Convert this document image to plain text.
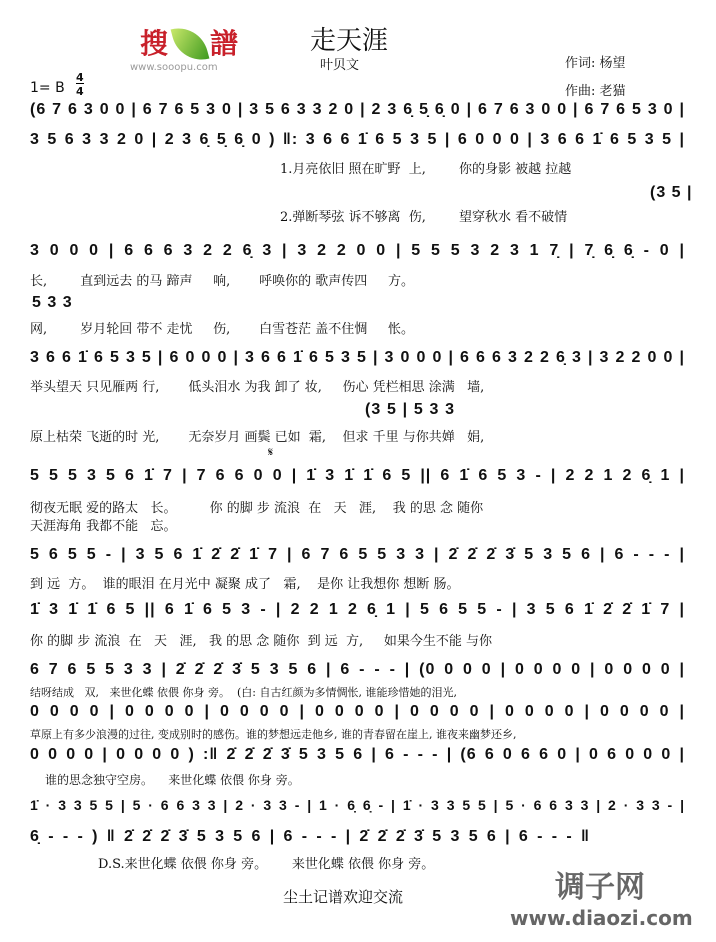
搜 譜
www.sooopu.com
走天涯
叶贝文	作词: 杨望
作曲: 老猫
1= B
4
4
(6 7 6 3 0 0 | 6 7 6 5 3 0 | 3 5 6 3 3 2 0 | 2 3 6̣ 5̣ 6̣ 0 | 6 7 6 3 0 0 | 6 7 6 5 3 0 |
3 5 6 3 3 2 0 | 2 3 6̣ 5̣ 6̣ 0 ) ‖: 3 6 6 1̇ 6 5 3 5 | 6 0 0 0 | 3 6 6 1̇ 6 5 3 5 |
1.月亮依旧 照在旷野  上,        你的身影 被越 拉越
(3 5 |
2.弹断琴弦 诉不够离  伤,        望穿秋水 看不破情
3 0 0 0 | 6 6 6 3 2 2 6̣ 3 | 3 2 2 0 0 | 5 5 5 3 2 3 1 7̣ | 7̣ 6̣ 6̣ - 0 |
长,        直到远去 的马 蹄声     响,       呼唤你的 歌声传四     方。
5 3 3
网,        岁月轮回 带不 走忧     伤,       白雪苍茫 盖不住惆     怅。
3 6 6 1̇ 6 5 3 5 | 6 0 0 0 | 3 6 6 1̇ 6 5 3 5 | 3 0 0 0 | 6 6 6 3 2 2 6̣ 3 | 3 2 2 0 0 |
举头望天 只见雁两 行,       低头泪水 为我 卸了 妆,     伤心 凭栏相思 涂满   墙,
(3 5 | 5 3 3
原上枯荣 飞逝的时 光,       无奈岁月 画鬓 已如  霜,    但求 千里 与你共婵   娟,
𝄋
5 5 5 3 5 6 1̇ 7 | 7 6 6 0 0 | 1̇ 3 1̇ 1̇ 6 5 || 6 1̇ 6 5 3 - | 2 2 1 2 6̣ 1 |
彻夜无眠 爱的路太   长。        你 的脚 步 流浪  在   天   涯,    我 的思 念 随你
天涯海角 我都不能   忘。
5 6 5 5 - | 3 5 6 1̇ 2̇ 2̇ 1̇ 7 | 6 7 6 5 5 3 3 | 2̇ 2̇ 2̇ 3̇ 5 3 5 6 | 6 - - - |
到 远  方。  谁的眼泪 在月光中 凝聚 成了   霜,    是你 让我想你 想断 肠。
1̇ 3 1̇ 1̇ 6 5 || 6 1̇ 6 5 3 - | 2 2 1 2 6̣ 1 | 5 6 5 5 - | 3 5 6 1̇ 2̇ 2̇ 1̇ 7 |
你 的脚 步 流浪  在   天   涯,   我 的思 念 随你  到 远  方,     如果今生不能 与你
6 7 6 5 5 3 3 | 2̇ 2̇ 2̇ 3̇ 5 3 5 6 | 6 - - - | (0 0 0 0 | 0 0 0 0 | 0 0 0 0 |
结呀结成   双,   来世化蝶 依偎 你身 旁。  (白: 自古红颜为多情惆怅, 谁能珍惜她的泪光,
0 0 0 0 | 0 0 0 0 | 0 0 0 0 | 0 0 0 0 | 0 0 0 0 | 0 0 0 0 | 0 0 0 0 |
草原上有多少浪漫的过往, 变成别时的感伤。谁的梦想远走他乡, 谁的青春留在崖上, 谁夜来幽梦还乡,
0 0 0 0 | 0 0 0 0 ) :‖ 2̇ 2̇ 2̇ 3̇ 5 3 5 6 | 6 - - - | (6 6 0 6 6 0 | 0 6 0 0 0 |
谁的思念独守空房。    来世化蝶 依偎 你身 旁。
1̇ · 3 3 5 5 | 5 · 6 6 3 3 | 2 · 3 3 - | 1 · 6̣ 6̣ - | 1̇ · 3 3 5 5 | 5 · 6 6 3 3 | 2 · 3 3 - |
6̣ - - - ) ‖ 2̇ 2̇ 2̇ 3̇ 5 3 5 6 | 6 - - - | 2̇ 2̇ 2̇ 3̇ 5 3 5 6 | 6 - - - ‖
D.S.来世化蝶 依偎 你身 旁。      来世化蝶 依偎 你身 旁。
尘土记谱欢迎交流	调子网
www.diaozi.com
